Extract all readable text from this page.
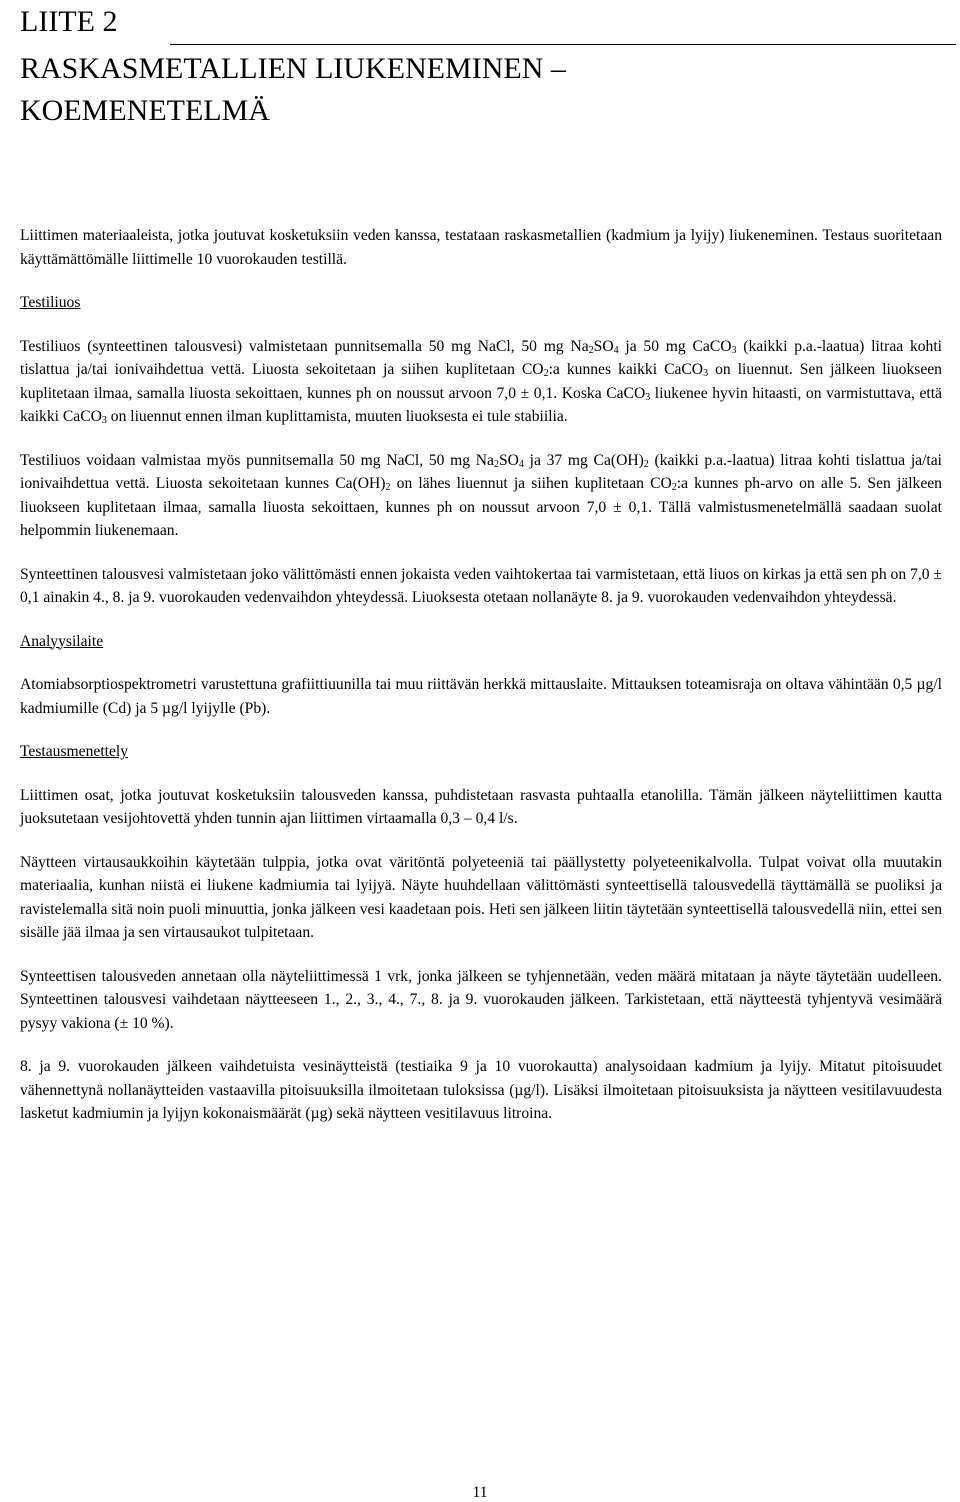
LIITE 2
RASKASMETALLIEN LIUKENEMINEN –
KOEMENETELMÄ

Liittimen materiaaleista, jotka joutuvat kosketuksiin veden kanssa, testataan raskasmetallien (kadmium ja lyijy) liukeneminen. Testaus suoritetaan käyttämättömälle liittimelle 10 vuorokauden testillä.

Testiliuos

Testiliuos (synteettinen talousvesi) valmistetaan punnitsemalla 50 mg NaCl, 50 mg $Na_2SO_4$ ja 50 mg CaCO$_3$ (kaikki p.a.-laatua) litraa kohti tislattua ja/tai ionivaihdettua vettä. Liuosta sekoitetaan ja siihen kuplitetaan $CO_2:a$ kunnes kaikki CaCO$_3$ on liuennut. Sen jälkeen liuokseen kuplitetaan ilmaa, samalla liuosta sekoittaen, kunnes ph on noussut arvoon 7,0 ± 0,1. Koska CaCO$_3$ liukenee hyvin hitaasti, on varmistuttava, että kaikki CaCO$_3$ on liuennut ennen ilman kuplittamista, muuten liuoksesta ei tule stabiilia.

Testiliuos voidaan valmistaa myös punnitsemalla 50 mg NaCl, 50 mg $Na_2SO_4$ ja 37 mg $Ca(OH)_2$ (kaikki p.a.-laatua) litraa kohti tislattua ja/tai ionivaihdettua vettä. Liuosta sekoitetaan kunnes $Ca(OH)_2$ on lähes liuennut ja siihen kuplitetaan $CO_2:a$ kunnes ph-arvo on alle 5. Sen jälkeen liuokseen kuplitetaan ilmaa, samalla liuosta sekoittaen, kunnes ph on noussut arvoon 7,0 ± 0,1. Tällä valmistusmenetelmällä saadaan suolat helpommin liukenemaan.

Synteettinen talousvesi valmistetaan joko välittömästi ennen jokaista veden vaihtokertaa tai varmistetaan, että liuos on kirkas ja että sen ph on 7,0 ± 0,1 ainakin 4., 8. ja 9. vuorokauden vedenvaihdon yhteydessä. Liuoksesta otetaan nollanäyte 8. ja 9. vuorokauden vedenvaihdon yhteydessä.

Analyysilaite

Atomiabsorptiospektrometri varustettuna grafiittiuunilla tai muu riittävän herkkä mittauslaite. Mittauksen toteamisraja on oltava vähintään 0,5 µg/l kadmiumille (Cd) ja 5 µg/l lyijylle (Pb).

Testausmenettely

Liittimen osat, jotka joutuvat kosketuksiin talousveden kanssa, puhdistetaan rasvasta puhtaalla etanolilla. Tämän jälkeen näyteliittimen kautta juoksutetaan vesijohtovettä yhden tunnin ajan liittimen virtaamalla 0,3 – 0,4 l/s.

Näytteen virtausaukkoihin käytetään tulppia, jotka ovat väritöntä polyeteeniä tai päällystetty polyeteenikalvolla. Tulpat voivat olla muutakin materiaalia, kunhan niistä ei liukene kadmiumia tai lyijyä. Näyte huuhdellaan välittömästi synteettisellä talousvedellä täyttämällä se puoliksi ja ravistelemalla sitä noin puoli minuuttia, jonka jälkeen vesi kaadetaan pois. Heti sen jälkeen liitin täytetään synteettisellä talousvedellä niin, ettei sen sisälle jää ilmaa ja sen virtausaukot tulpitetaan.

Synteettisen talousveden annetaan olla näyteliittimessä 1 vrk, jonka jälkeen se tyhjennetään, veden määrä mitataan ja näyte täytetään uudelleen. Synteettinen talousvesi vaihdetaan näytteeseen 1., 2., 3., 4., 7., 8. ja 9. vuorokauden jälkeen. Tarkistetaan, että näytteestä tyhjentyvä vesimäärä pysyy vakiona (± 10 %).

8. ja 9. vuorokauden jälkeen vaihdetuista vesinäytteistä (testiaika 9 ja 10 vuorokautta) analysoidaan kadmium ja lyijy. Mitatut pitoisuudet vähennettynä nollanäytteiden vastaavilla pitoisuuksilla ilmoitetaan tuloksissa (µg/l). Lisäksi ilmoitetaan pitoisuuksista ja näytteen vesitilavuudesta lasketut kadmiumin ja lyijyn kokonaismäärät (µg) sekä näytteen vesitilavuus litroina.

11
